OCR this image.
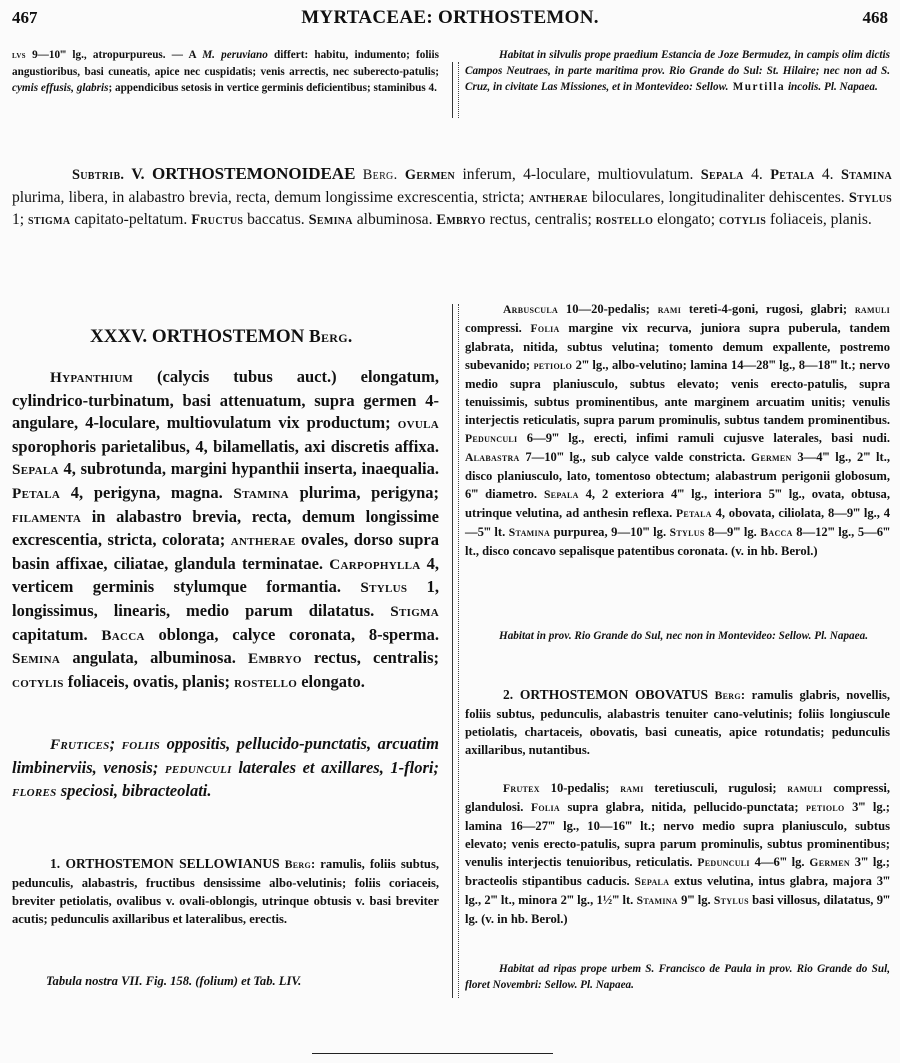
467	MYRTACEAE: ORTHOSTEMON.	468
lvs 9—10‴ lg., atropurpureus. — A M. peruviano differt: habitu, indumento; foliis angustioribus, basi cuneatis, apice nec cuspidatis; venis arrectis, nec suberecto-patulis; cymis effusis, glabris; appendicibus setosis in vertice germinis deficientibus; staminibus 4.
Habitat in silvulis prope praedium Estancia de Joze Bermudez, in campis olim dictis Campos Neutraes, in parte maritima prov. Rio Grande do Sul: St. Hilaire; nec non ad S. Cruz, in civitate Las Missiones, et in Montevideo: Sellow. Murtilla incolis. Pl. Napaea.
Subtrib. V. ORTHOSTEMONOIDEAE Berg. Germen inferum, 4-loculare, multiovulatum. Sepala 4. Petala 4. Stamina plurima, libera, in alabastro brevia, recta, demum longissime excrescentia, stricta; antherae biloculares, longitudinaliter dehiscentes. Stylus 1; stigma capitato-peltatum. Fructus baccatus. Semina albuminosa. Embryo rectus, centralis; rostello elongato; cotylis foliaceis, planis.
XXXV. ORTHOSTEMON Berg.
Hypanthium (calycis tubus auct.) elongatum, cylindrico-turbinatum, basi attenuatum, supra germen 4-angulare, 4-loculare, multiovulatum vix productum; ovula sporophoris parietalibus, 4, bilamellatis, axi discretis affixa. Sepala 4, subrotunda, margini hypanthii inserta, inaequalia. Petala 4, perigyna, magna. Stamina plurima, perigyna; filamenta in alabastro brevia, recta, demum longissime excrescentia, stricta, colorata; antherae ovales, dorso supra basin affixae, ciliatae, glandula terminatae. Carpophylla 4, verticem germinis stylumque formantia. Stylus 1, longissimus, linearis, medio parum dilatatus. Stigma capitatum. Bacca oblonga, calyce coronata, 8-sperma. Semina angulata, albuminosa. Embryo rectus, centralis; cotylis foliaceis, ovatis, planis; rostello elongato.
Frutices; foliis oppositis, pellucido-punctatis, arcuatim limbinerviis, venosis; pedunculi laterales et axillares, 1-flori; flores speciosi, bibracteolati.
1. ORTHOSTEMON SELLOWIANUS Berg: ramulis, foliis subtus, pedunculis, alabastris, fructibus densissime albo-velutinis; foliis coriaceis, breviter petiolatis, ovalibus v. ovali-oblongis, utrinque obtusis v. basi breviter acutis; pedunculis axillaribus et lateralibus, erectis.
Tabula nostra VII. Fig. 158. (folium) et Tab. LIV.
Arbuscula 10—20-pedalis; rami tereti-4-goni, rugosi, glabri; ramuli compressi. Folia margine vix recurva, juniora supra puberula, tandem glabrata, nitida, subtus velutina; tomento demum expallente, postremo subevanido; petiolo 2‴ lg., albo-velutino; lamina 14—28‴ lg., 8—18‴ lt.; nervo medio supra planiusculo, subtus elevato; venis erecto-patulis, supra tenuissimis, subtus prominentibus, ante marginem arcuatim unitis; venulis interjectis reticulatis, supra parum prominulis, subtus tandem prominentibus. Pedunculi 6—9‴ lg., erecti, infimi ramuli cujusve laterales, basi nudi. Alabastra 7—10‴ lg., sub calyce valde constricta. Germen 3—4‴ lg., 2‴ lt., disco planiusculo, lato, tomentoso obtectum; alabastrum perigonii globosum, 6‴ diametro. Sepala 4, 2 exteriora 4‴ lg., interiora 5‴ lg., ovata, obtusa, utrinque velutina, ad anthesin reflexa. Petala 4, obovata, ciliolata, 8—9‴ lg., 4—5‴ lt. Stamina purpurea, 9—10‴ lg. Stylus 8—9‴ lg. Bacca 8—12‴ lg., 5—6‴ lt., disco concavo sepalisque patentibus coronata. (v. in hb. Berol.)
Habitat in prov. Rio Grande do Sul, nec non in Montevideo: Sellow. Pl. Napaea.
2. ORTHOSTEMON OBOVATUS Berg: ramulis glabris, novellis, foliis subtus, pedunculis, alabastris tenuiter cano-velutinis; foliis longiuscule petiolatis, chartaceis, obovatis, basi cuneatis, apice rotundatis; pedunculis axillaribus, nutantibus.
Frutex 10-pedalis; rami teretiusculi, rugulosi; ramuli compressi, glandulosi. Folia supra glabra, nitida, pellucido-punctata; petiolo 3‴ lg.; lamina 16—27‴ lg., 10—16‴ lt.; nervo medio supra planiusculo, subtus elevato; venis erecto-patulis, supra parum prominulis, subtus prominentibus; venulis interjectis tenuioribus, reticulatis. Pedunculi 4—6‴ lg. Germen 3‴ lg.; bracteolis stipantibus caducis. Sepala extus velutina, intus glabra, majora 3‴ lg., 2‴ lt., minora 2‴ lg., 1½‴ lt. Stamina 9‴ lg. Stylus basi villosus, dilatatus, 9‴ lg. (v. in hb. Berol.)
Habitat ad ripas prope urbem S. Francisco de Paula in prov. Rio Grande do Sul, floret Novembri: Sellow. Pl. Napaea.
